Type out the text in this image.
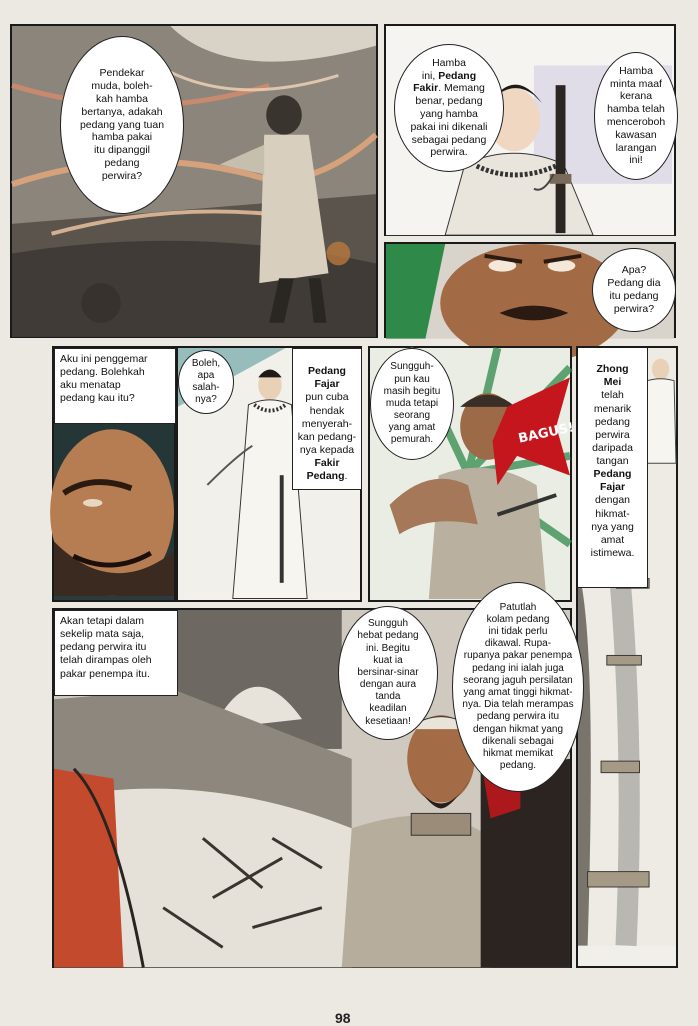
Pendekar
muda, boleh-
kah hamba
bertanya, adakah
pedang yang tuan
hamba pakai
itu dipanggil
pedang
perwira?
Hamba
ini, Pedang
Fakir. Memang
benar, pedang
yang hamba
pakai ini dikenali
sebagai pedang
perwira.
Hamba
minta maaf
kerana
hamba telah
menceroboh
kawasan
larangan
ini!
Apa?
Pedang dia
itu pedang
perwira?
Aku ini penggemar
pedang. Bolehkah
aku menatap
pedang kau itu?
Boleh,
apa
salah-
nya?

Pedang
Fajar
pun cuba
hendak
menyerah-
kan pedang-
nya kepada
Fakir
Pedang.

BAGUS!
Sungguh-
pun kau
masih begitu
muda tetapi
seorang
yang amat
pemurah.

Zhong
Mei
telah
menarik
pedang
perwira
daripada
tangan
Pedang
Fajar
dengan
hikmat-
nya yang
amat
istimewa.

Akan tetapi dalam
sekelip mata saja,
pedang perwira itu
telah dirampas oleh
pakar penempa itu.
Sungguh
hebat pedang
ini. Begitu
kuat ia
bersinar-sinar
dengan aura
tanda
keadilan
kesetiaan!
Patutlah
kolam pedang
ini tidak perlu
dikawal. Rupa-
rupanya pakar penempa
pedang ini ialah juga
seorang jaguh persilatan
yang amat tinggi hikmat-
nya. Dia telah merampas
pedang perwira itu
dengan hikmat yang
dikenali sebagai
hikmat memikat
pedang.
98
